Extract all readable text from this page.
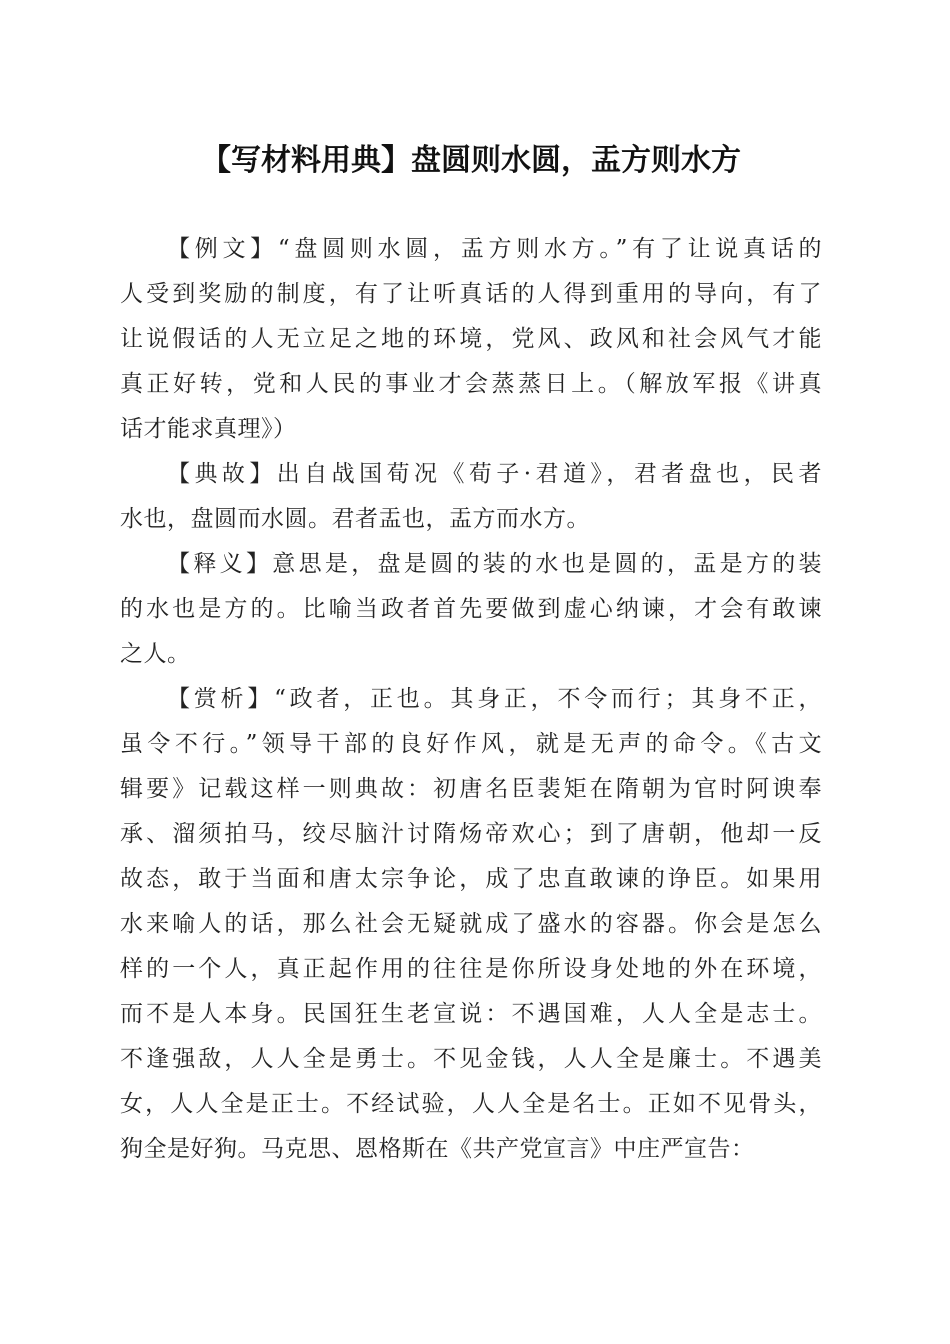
【写材料用典】盘圆则水圆，盂方则水方
【例文】“盘圆则水圆，盂方则水方。”有了让说真话的
人受到奖励的制度，有了让听真话的人得到重用的导向，有了
让说假话的人无立足之地的环境，党风、政风和社会风气才能
真正好转，党和人民的事业才会蒸蒸日上。（解放军报《讲真
话才能求真理》）
【典故】出自战国荀况《荀子·君道》，君者盘也，民者
水也，盘圆而水圆。君者盂也，盂方而水方。
【释义】意思是，盘是圆的装的水也是圆的，盂是方的装
的水也是方的。比喻当政者首先要做到虚心纳谏，才会有敢谏
之人。
【赏析】“政者，正也。其身正，不令而行；其身不正，
虽令不行。”领导干部的良好作风，就是无声的命令。《古文
辑要》记载这样一则典故：初唐名臣裴矩在隋朝为官时阿谀奉
承、溜须拍马，绞尽脑汁讨隋炀帝欢心；到了唐朝，他却一反
故态，敢于当面和唐太宗争论，成了忠直敢谏的诤臣。如果用
水来喻人的话，那么社会无疑就成了盛水的容器。你会是怎么
样的一个人，真正起作用的往往是你所设身处地的外在环境，
而不是人本身。民国狂生老宣说：不遇国难，人人全是志士。
不逢强敌，人人全是勇士。不见金钱，人人全是廉士。不遇美
女，人人全是正士。不经试验，人人全是名士。正如不见骨头，
狗全是好狗。马克思、恩格斯在《共产党宣言》中庄严宣告：
